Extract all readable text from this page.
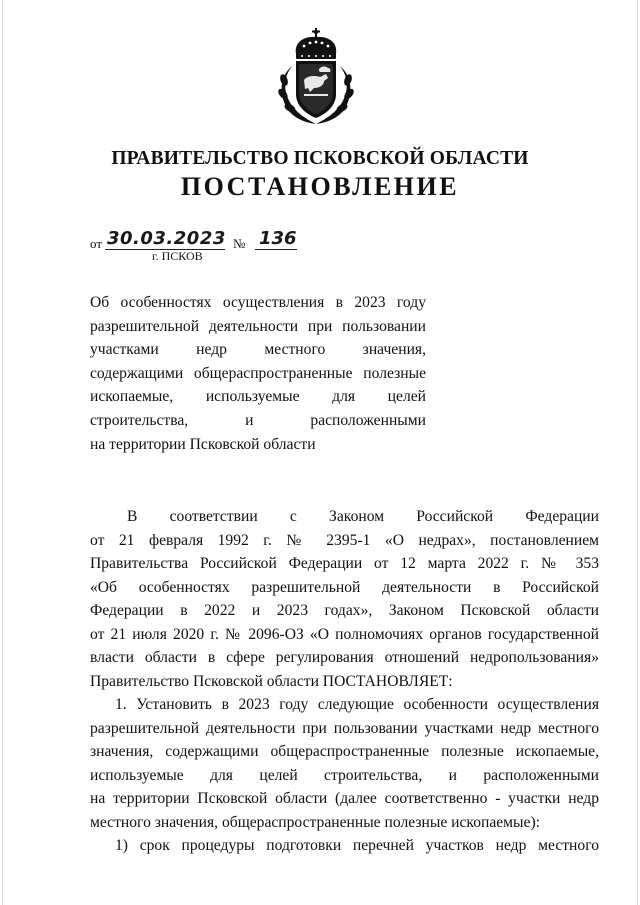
ПРАВИТЕЛЬСТВО ПСКОВСКОЙ ОБЛАСТИ
ПОСТАНОВЛЕНИЕ
от 30.03.2023 № 136
г. ПСКОВ
Об особенностях осуществления в 2023 году
разрешительной деятельности при пользовании
участками недр местного значения,
содержащими общераспространенные полезные
ископаемые, используемые для целей
строительства, и расположенными
на территории Псковской области
В соответствии с Законом Российской Федерации
от 21 февраля 1992 г. № 2395-1 «О недрах», постановлением
Правительства Российской Федерации от 12 марта 2022 г. № 353
«Об особенностях разрешительной деятельности в Российской
Федерации в 2022 и 2023 годах», Законом Псковской области
от 21 июля 2020 г. № 2096-ОЗ «О полномочиях органов государственной
власти области в сфере регулирования отношений недропользования»
Правительство Псковской области ПОСТАНОВЛЯЕТ:
1. Установить в 2023 году следующие особенности осуществления
разрешительной деятельности при пользовании участками недр местного
значения, содержащими общераспространенные полезные ископаемые,
используемые для целей строительства, и расположенными
на территории Псковской области (далее соответственно - участки недр
местного значения, общераспространенные полезные ископаемые):
1) срок процедуры подготовки перечней участков недр местного
